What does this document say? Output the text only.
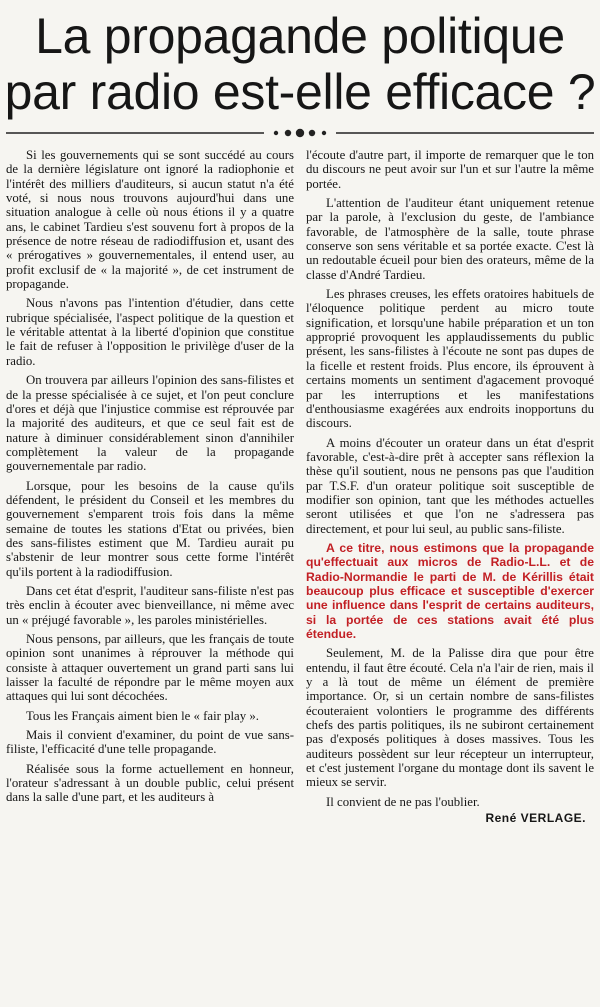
La propagande politique
par radio est-elle efficace ?

Si les gouvernements qui se sont succédé au cours de la dernière législature ont ignoré la radiophonie et l'intérêt des milliers d'auditeurs, si aucun statut n'a été voté, si nous nous trouvons aujourd'hui dans une situation analogue à celle où nous étions il y a quatre ans, le cabinet Tardieu s'est souvenu fort à propos de la présence de notre réseau de radiodiffusion et, usant des « prérogatives » gouvernementales, il entend user, au profit exclusif de « la majorité », de cet instrument de propagande.

Nous n'avons pas l'intention d'étudier, dans cette rubrique spécialisée, l'aspect politique de la question et le véritable attentat à la liberté d'opinion que constitue le fait de refuser à l'opposition le privilège d'user de la radio.

On trouvera par ailleurs l'opinion des sans-filistes et de la presse spécialisée à ce sujet, et l'on peut conclure d'ores et déjà que l'injustice commise est réprouvée par la majorité des auditeurs, et que ce seul fait est de nature à diminuer considérablement sinon d'annihiler complètement la valeur de la propagande gouvernementale par radio.

Lorsque, pour les besoins de la cause qu'ils défendent, le président du Conseil et les membres du gouvernement s'emparent trois fois dans la même semaine de toutes les stations d'Etat ou privées, bien des sans-filistes estiment que M. Tardieu aurait pu s'abstenir de leur montrer sous cette forme l'intérêt qu'ils portent à la radiodiffusion.

Dans cet état d'esprit, l'auditeur sans-filiste n'est pas très enclin à écouter avec bienveillance, ni même avec un « préjugé favorable », les paroles ministérielles.

Nous pensons, par ailleurs, que les français de toute opinion sont unanimes à réprouver la méthode qui consiste à attaquer ouvertement un grand parti sans lui laisser la faculté de répondre par le même moyen aux attaques qui lui sont décochées.

Tous les Français aiment bien le « fair play ».

Mais il convient d'examiner, du point de vue sans-filiste, l'efficacité d'une telle propagande.

Réalisée sous la forme actuellement en honneur, l'orateur s'adressant à un double public, celui présent dans la salle d'une part, et les auditeurs à

l'écoute d'autre part, il importe de remarquer que le ton du discours ne peut avoir sur l'un et sur l'autre la même portée.

L'attention de l'auditeur étant uniquement retenue par la parole, à l'exclusion du geste, de l'ambiance favorable, de l'atmosphère de la salle, toute phrase conserve son sens véritable et sa portée exacte. C'est là un redoutable écueil pour bien des orateurs, même de la classe d'André Tardieu.

Les phrases creuses, les effets oratoires habituels de l'éloquence politique perdent au micro toute signification, et lorsqu'une habile préparation et un ton approprié provoquent les applaudissements du public présent, les sans-filistes à l'écoute ne sont pas dupes de la ficelle et restent froids. Plus encore, ils éprouvent à certains moments un sentiment d'agacement provoqué par les interruptions et les manifestations d'enthousiasme exagérées aux endroits inopportuns du discours.

A moins d'écouter un orateur dans un état d'esprit favorable, c'est-à-dire prêt à accepter sans réflexion la thèse qu'il soutient, nous ne pensons pas que l'audition par T.S.F. d'un orateur politique soit susceptible de modifier son opinion, tant que les méthodes actuelles seront utilisées et que l'on ne s'adressera pas directement, et pour lui seul, au public sans-filiste.

A ce titre, nous estimons que la propagande qu'effectuait aux micros de Radio-L.L. et de Radio-Normandie le parti de M. de Kérillis était beaucoup plus efficace et susceptible d'exercer une influence dans l'esprit de certains auditeurs, si la portée de ces stations avait été plus étendue.

Seulement, M. de la Palisse dira que pour être entendu, il faut être écouté. Cela n'a l'air de rien, mais il y a là tout de même un élément de première importance. Or, si un certain nombre de sans-filistes écouteraient volontiers le programme des différents chefs des partis politiques, ils ne subiront certainement pas d'exposés politiques à doses massives. Tous les auditeurs possèdent sur leur récepteur un interrupteur, et c'est justement l'organe du montage dont ils savent le mieux se servir.

Il convient de ne pas l'oublier.

René VERLAGE.
